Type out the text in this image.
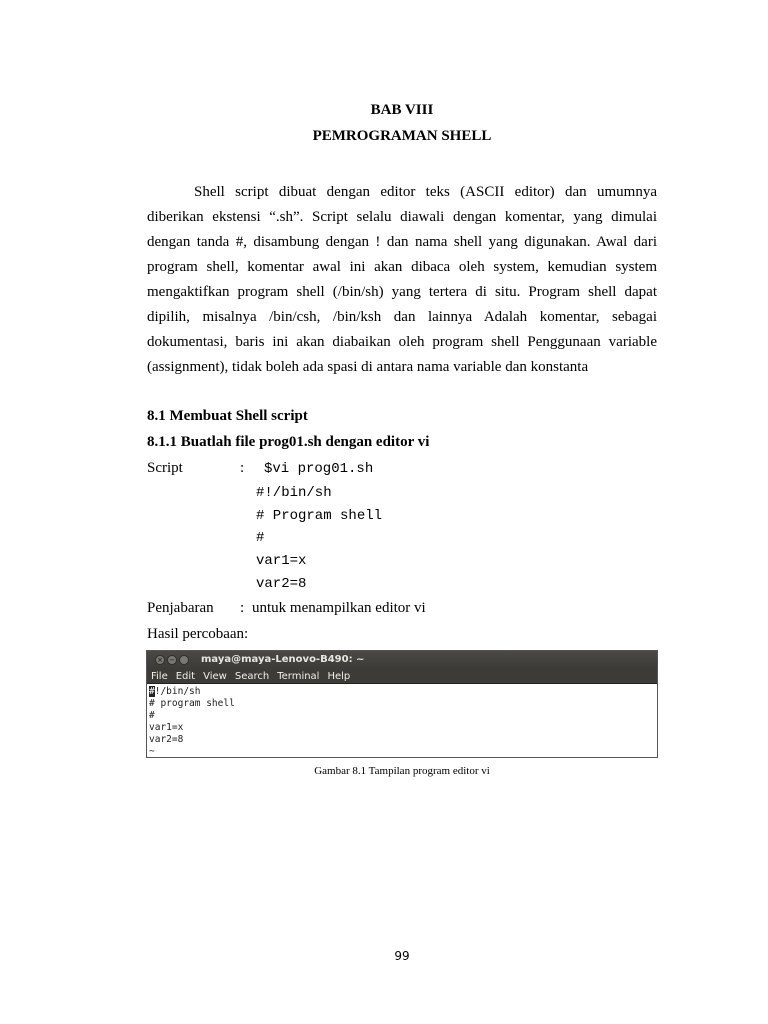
BAB VIII
PEMROGRAMAN SHELL

Shell script dibuat dengan editor teks (ASCII editor) dan umumnya
diberikan ekstensi “.sh”. Script selalu diawali dengan komentar, yang dimulai
dengan tanda #, disambung dengan ! dan nama shell yang digunakan. Awal dari
program shell, komentar awal ini akan dibaca oleh system, kemudian system
mengaktifkan program shell (/bin/sh) yang tertera di situ. Program shell dapat
dipilih, misalnya /bin/csh, /bin/ksh dan lainnya Adalah komentar, sebagai
dokumentasi, baris ini akan diabaikan oleh program shell Penggunaan variable
(assignment), tidak boleh ada spasi di antara nama variable dan konstanta

8.1 Membuat Shell script
8.1.1 Buatlah file prog01.sh dengan editor vi
Script	: $vi prog01.sh
#!/bin/sh
# Program shell
#
var1=x
var2=8
Penjabaran : untuk menampilkan editor vi
Hasil percobaan:
× −	maya@maya-Lenovo-B490: ~
File Edit View Search Terminal Help
#!/bin/sh
# program shell
#
var1=x
var2=8
~
Gambar 8.1 Tampilan program editor vi
99
